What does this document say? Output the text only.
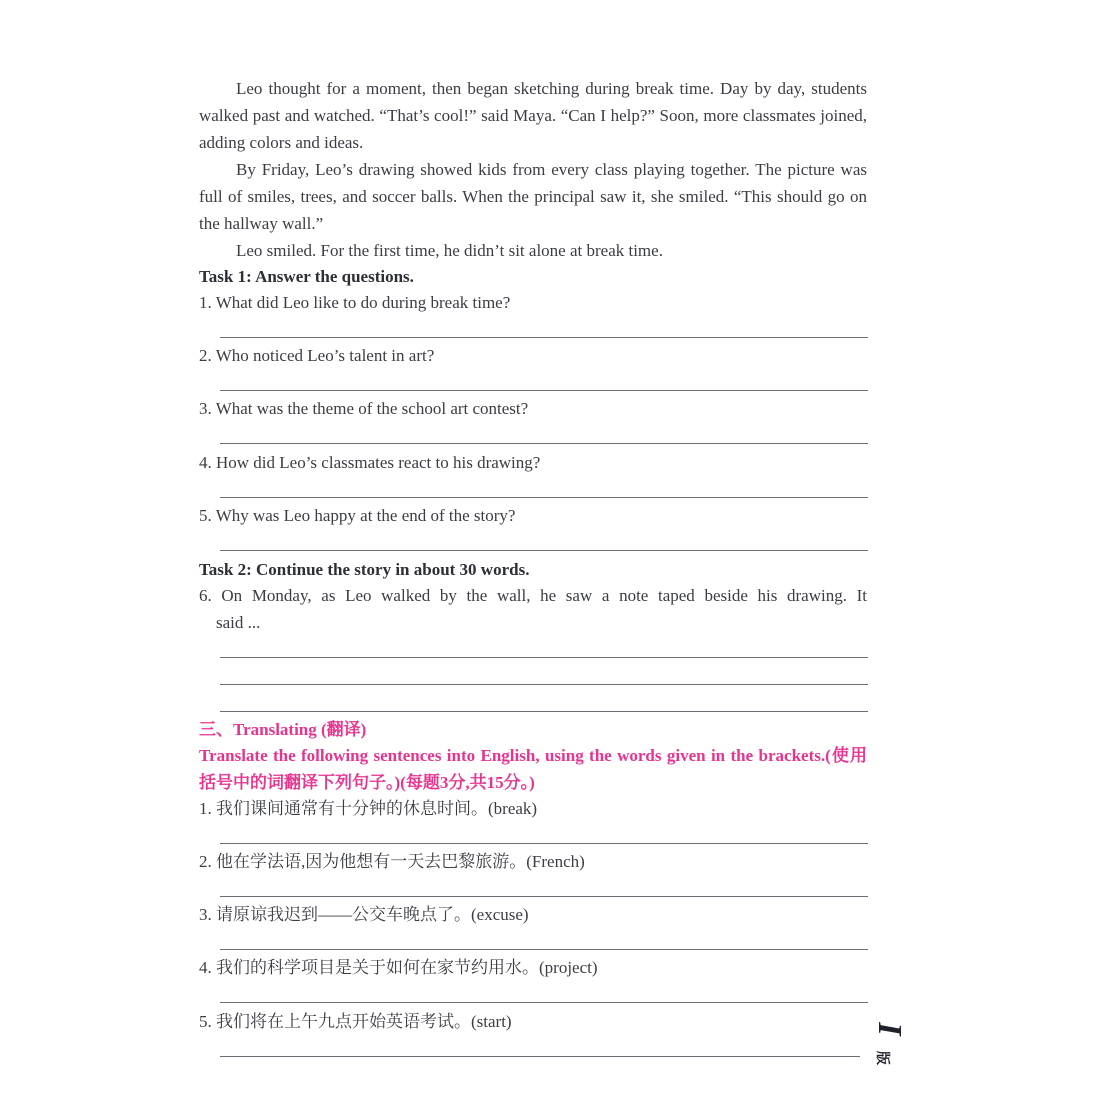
Leo thought for a moment, then began sketching during break time. Day by day, students walked past and watched. “That’s cool!” said Maya. “Can I help?” Soon, more classmates joined, adding colors and ideas.

By Friday, Leo’s drawing showed kids from every class playing together. The picture was full of smiles, trees, and soccer balls. When the principal saw it, she smiled. “This should go on the hallway wall.”

Leo smiled. For the first time, he didn’t sit alone at break time.

Task 1: Answer the questions.
1. What did Leo like to do during break time?
2. Who noticed Leo’s talent in art?
3. What was the theme of the school art contest?
4. How did Leo’s classmates react to his drawing?
5. Why was Leo happy at the end of the story?
Task 2: Continue the story in about 30 words.
6. On Monday, as Leo walked by the wall, he saw a note taped beside his drawing. It
said ...
三、Translating (翻译)

Translate the following sentences into English, using the words given in the brackets.(使用括号中的词翻译下列句子。)(每题3分,共15分。)

1. 我们课间通常有十分钟的休息时间。(break)
2. 他在学法语,因为他想有一天去巴黎旅游。(French)
3. 请原谅我迟到——公交车晚点了。(excuse)
4. 我们的科学项目是关于如何在家节约用水。(project)
5. 我们将在上午九点开始英语考试。(start)	I
版
